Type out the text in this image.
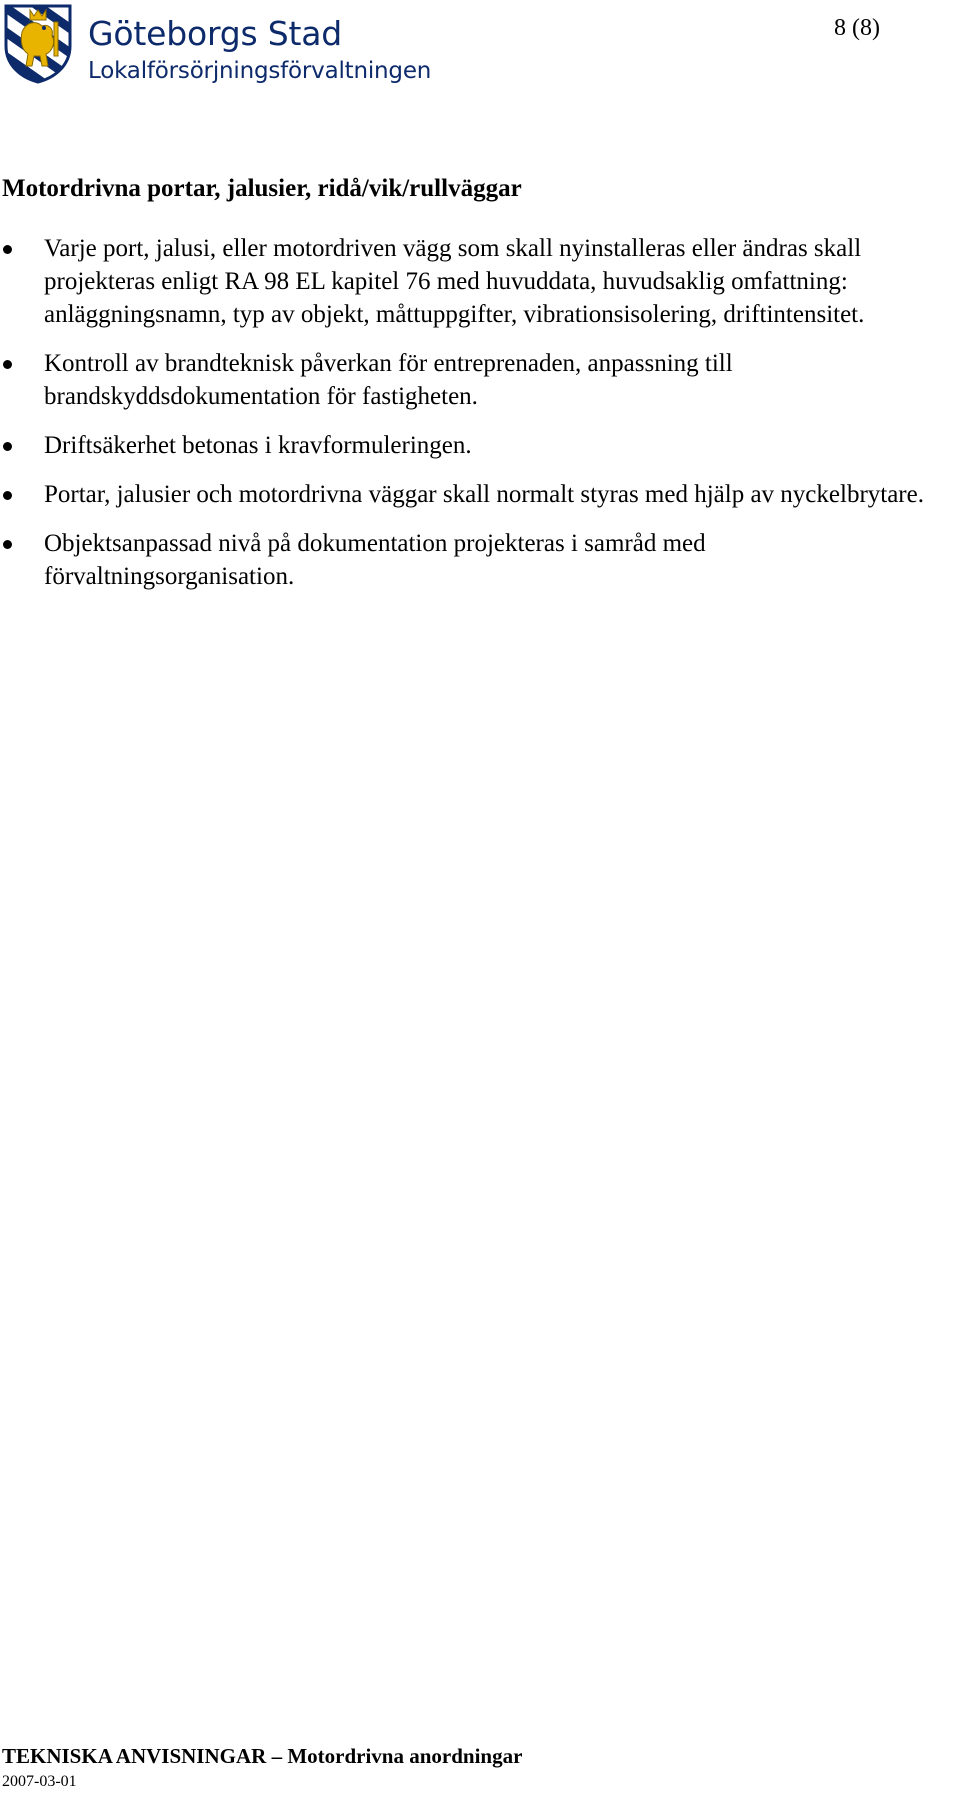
Göteborgs Stad
Lokalförsörjningsförvaltningen
8 (8)
Motordrivna portar, jalusier, ridå/vik/rullväggar
Varje port, jalusi, eller motordriven vägg som skall nyinstalleras eller ändras skall projekteras enligt RA 98 EL kapitel 76 med huvuddata, huvudsaklig omfattning: anläggningsnamn, typ av objekt, måttuppgifter, vibrationsisolering, driftintensitet.
Kontroll av brandteknisk påverkan för entreprenaden, anpassning till brandskyddsdokumentation för fastigheten.
Driftsäkerhet betonas i kravformuleringen.
Portar, jalusier och motordrivna väggar skall normalt styras med hjälp av nyckelbrytare.
Objektsanpassad nivå på dokumentation projekteras i samråd med förvaltningsorganisation.
TEKNISKA ANVISNINGAR – Motordrivna anordningar
2007-03-01
